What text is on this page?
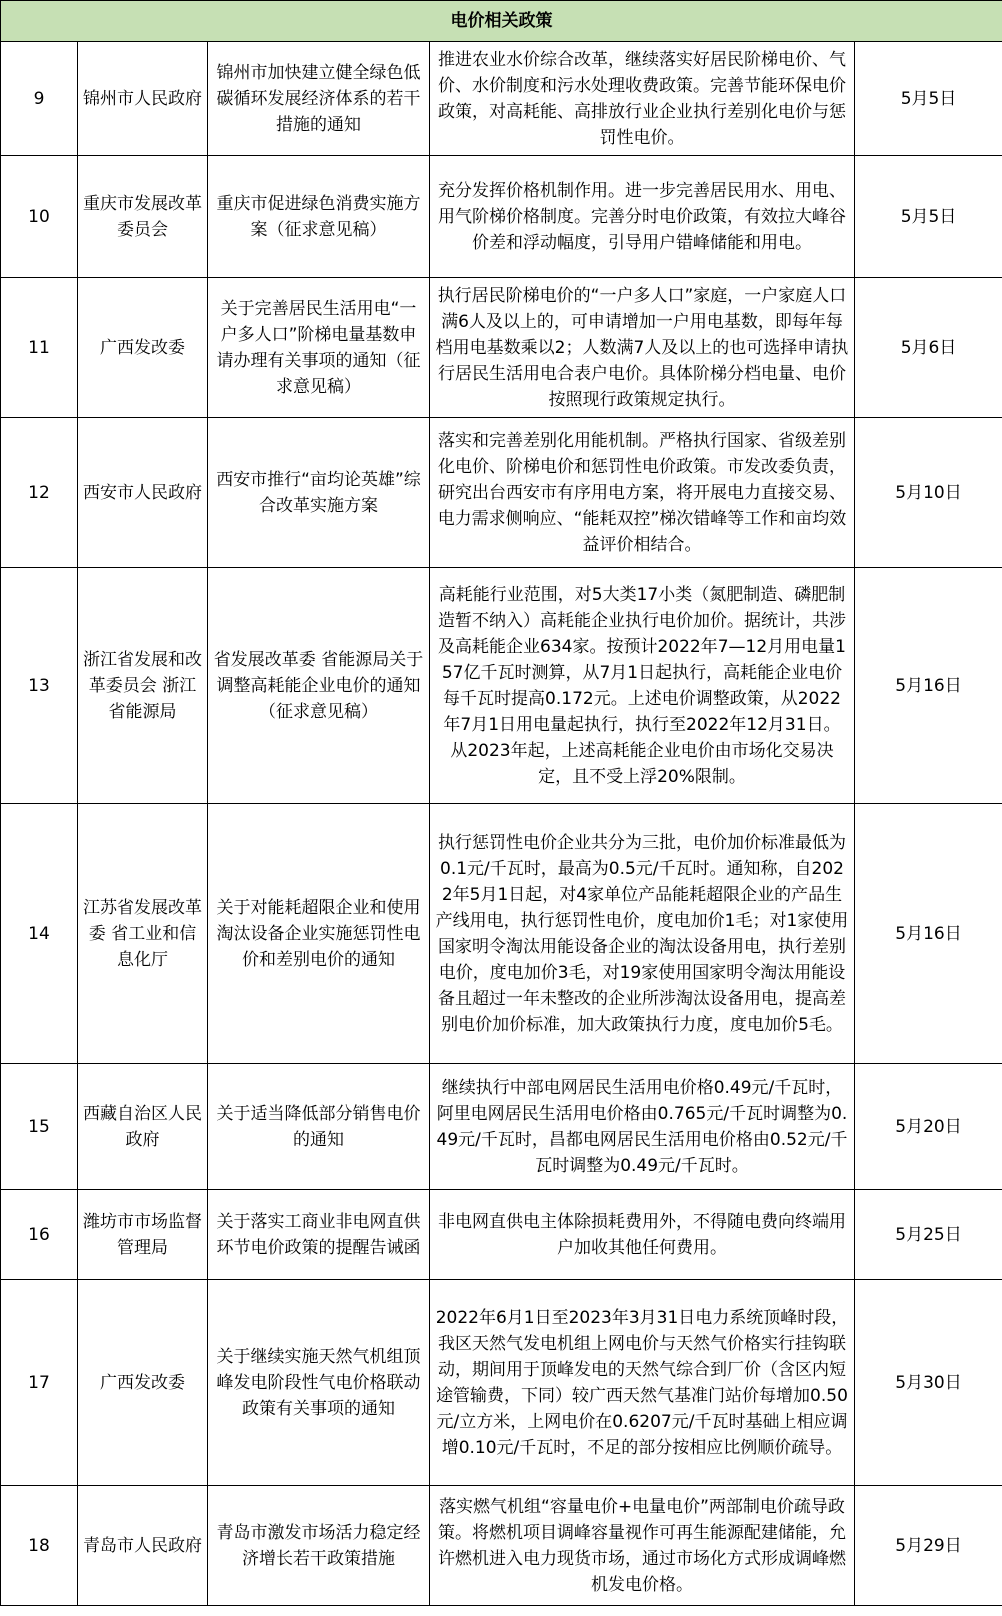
电价相关政策				
9	锦州市人民政府	锦州市加快建立健全绿色低碳循环发展经济体系的若干措施的通知	推进农业水价综合改革，继续落实好居民阶梯电价、气价、水价制度和污水处理收费政策。完善节能环保电价政策，对高耗能、高排放行业企业执行差别化电价与惩罚性电价。	5月5日
10	重庆市发展改革委员会	重庆市促进绿色消费实施方案（征求意见稿）	充分发挥价格机制作用。进一步完善居民用水、用电、用气阶梯价格制度。完善分时电价政策，有效拉大峰谷价差和浮动幅度，引导用户错峰储能和用电。	5月5日
11	广西发改委	关于完善居民生活用电“一户多人口”阶梯电量基数申请办理有关事项的通知（征求意见稿）	执行居民阶梯电价的“一户多人口”家庭，一户家庭人口满6人及以上的，可申请增加一户用电基数，即每年每档用电基数乘以2；人数满7人及以上的也可选择申请执行居民生活用电合表户电价。具体阶梯分档电量、电价按照现行政策规定执行。	5月6日
12	西安市人民政府	西安市推行“亩均论英雄”综合改革实施方案	落实和完善差别化用能机制。严格执行国家、省级差别化电价、阶梯电价和惩罚性电价政策。市发改委负责，研究出台西安市有序用电方案，将开展电力直接交易、电力需求侧响应、“能耗双控”梯次错峰等工作和亩均效益评价相结合。	5月10日
13	浙江省发展和改革委员会 浙江省能源局	省发展改革委 省能源局关于调整高耗能企业电价的通知（征求意见稿）	高耗能行业范围，对5大类17小类（氮肥制造、磷肥制造暂不纳入）高耗能企业执行电价加价。据统计，共涉及高耗能企业634家。按预计2022年7—12月用电量157亿千瓦时测算，从7月1日起执行，高耗能企业电价每千瓦时提高0.172元。上述电价调整政策，从2022年7月1日用电量起执行，执行至2022年12月31日。从2023年起，上述高耗能企业电价由市场化交易决定，且不受上浮20%限制。	5月16日
14	江苏省发展改革委 省工业和信息化厅	关于对能耗超限企业和使用淘汰设备企业实施惩罚性电价和差别电价的通知	执行惩罚性电价企业共分为三批，电价加价标准最低为0.1元/千瓦时，最高为0.5元/千瓦时。通知称，自2022年5月1日起，对4家单位产品能耗超限企业的产品生产线用电，执行惩罚性电价，度电加价1毛；对1家使用国家明令淘汰用能设备企业的淘汰设备用电，执行差别电价，度电加价3毛，对19家使用国家明令淘汰用能设备且超过一年未整改的企业所涉淘汰设备用电，提高差别电价加价标准，加大政策执行力度，度电加价5毛。	5月16日
15	西藏自治区人民政府	关于适当降低部分销售电价的通知	继续执行中部电网居民生活用电价格0.49元/千瓦时，阿里电网居民生活用电价格由0.765元/千瓦时调整为0.49元/千瓦时，昌都电网居民生活用电价格由0.52元/千瓦时调整为0.49元/千瓦时。	5月20日
16	潍坊市市场监督管理局	关于落实工商业非电网直供环节电价政策的提醒告诫函	非电网直供电主体除损耗费用外，不得随电费向终端用户加收其他任何费用。	5月25日
17	广西发改委	关于继续实施天然气机组顶峰发电阶段性气电价格联动政策有关事项的通知	2022年6月1日至2023年3月31日电力系统顶峰时段，我区天然气发电机组上网电价与天然气价格实行挂钩联动，期间用于顶峰发电的天然气综合到厂价（含区内短途管输费，下同）较广西天然气基准门站价每增加0.50元/立方米，上网电价在0.6207元/千瓦时基础上相应调增0.10元/千瓦时，不足的部分按相应比例顺价疏导。	5月30日
18	青岛市人民政府	青岛市激发市场活力稳定经济增长若干政策措施	落实燃气机组“容量电价+电量电价”两部制电价疏导政策。将燃机项目调峰容量视作可再生能源配建储能，允许燃机进入电力现货市场，通过市场化方式形成调峰燃机发电价格。	5月29日
